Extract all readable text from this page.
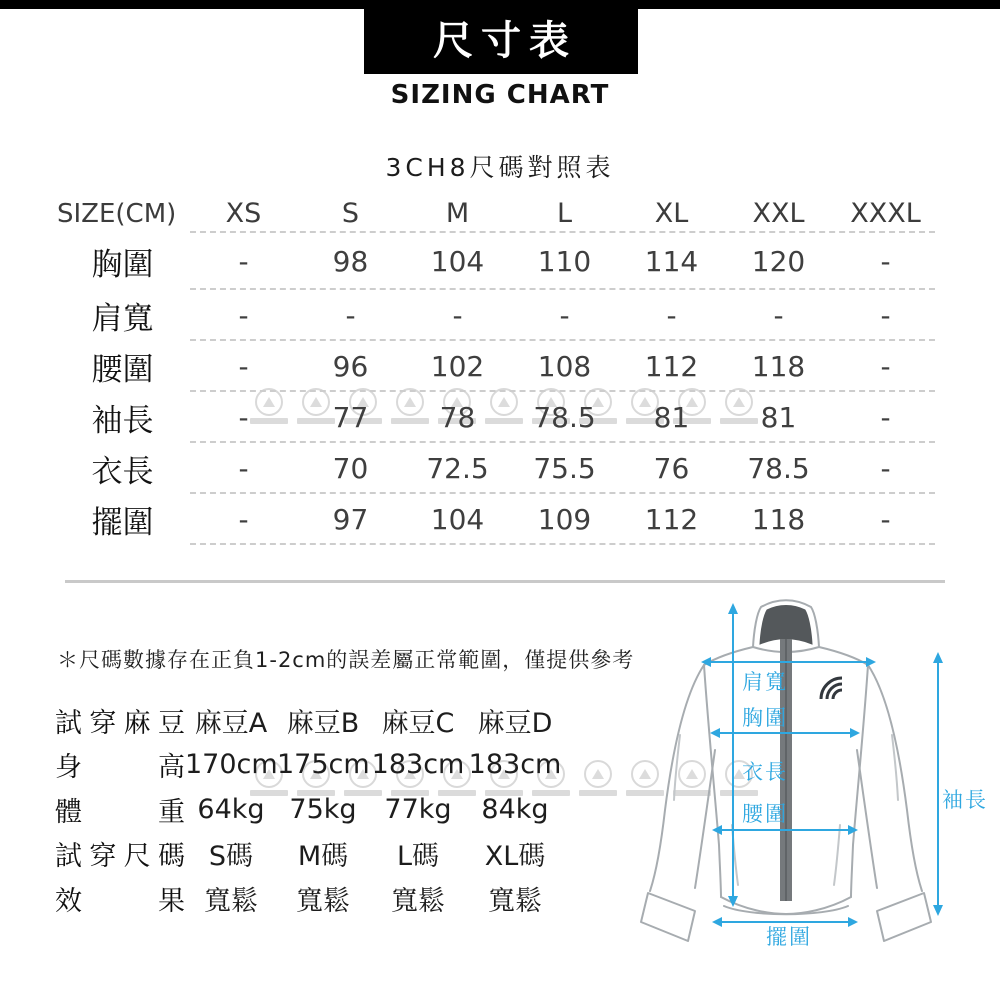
尺寸表
SIZING CHART
3CH8尺碼對照表
SIZE(CM)	XS	S	M	L	XL	XXL	XXXL
胸圍	-	98	104	110	114	120	-
肩寬	-	-	-	-	-	-	-
腰圍	-	96	102	108	112	118	-
袖長	-	77	78	78.5	81	81	-
衣長	-	70	72.5	75.5	76	78.5	-
擺圍	-	97	104	109	112	118	-
＊尺碼數據存在正負1-2cm的誤差屬正常範圍，僅提供參考
試穿麻豆 麻豆A 麻豆B 麻豆C 麻豆D
身高 170cm 175cm 183cm 183cm
體重 64kg 75kg	77kg	84kg
試穿尺碼 S碼	M碼	L碼	XL碼
效果 寬鬆	寬鬆	寬鬆	寬鬆
肩寬
胸圍
衣長
腰圍
擺圍
袖長
